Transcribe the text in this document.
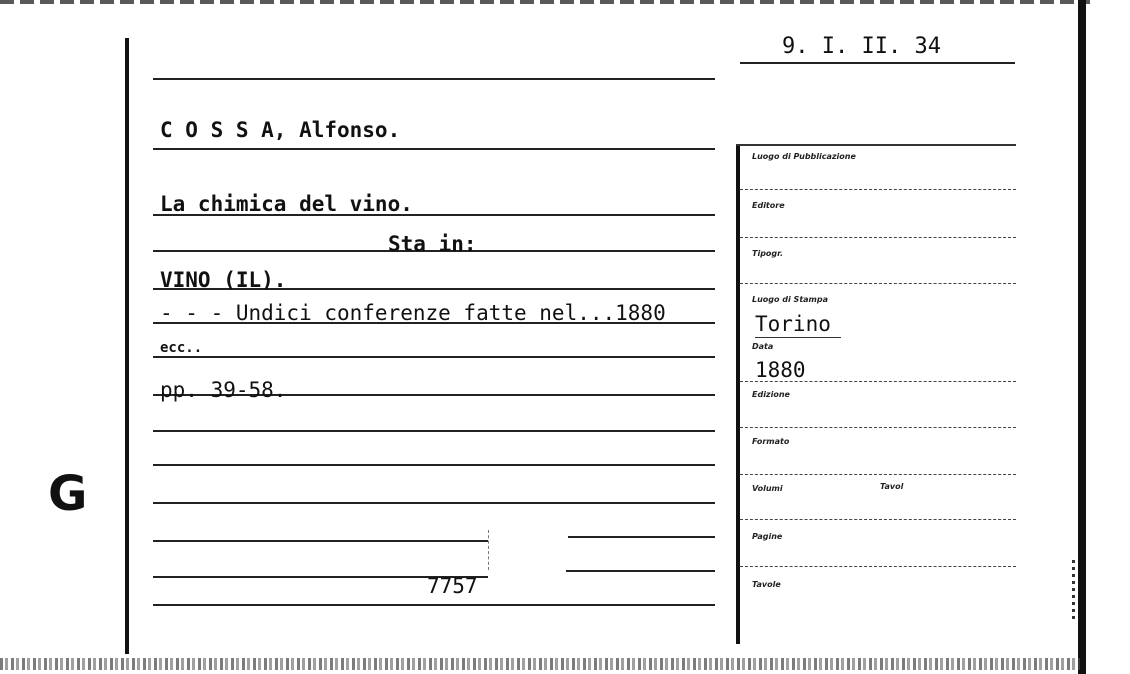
9. I. II. 34
C O S S A, Alfonso.
La chimica del vino.
Sta in:
VINO (IL).
- - - Undici conferenze fatte nel...1880
ecc..
pp. 39-58.
7757
G
Luogo di Pubblicazione
Editore
Tipogr.
Luogo di Stampa
Torino
Data
1880
Edizione
Formato
Volumi	Tavol
Pagine
Tavole
